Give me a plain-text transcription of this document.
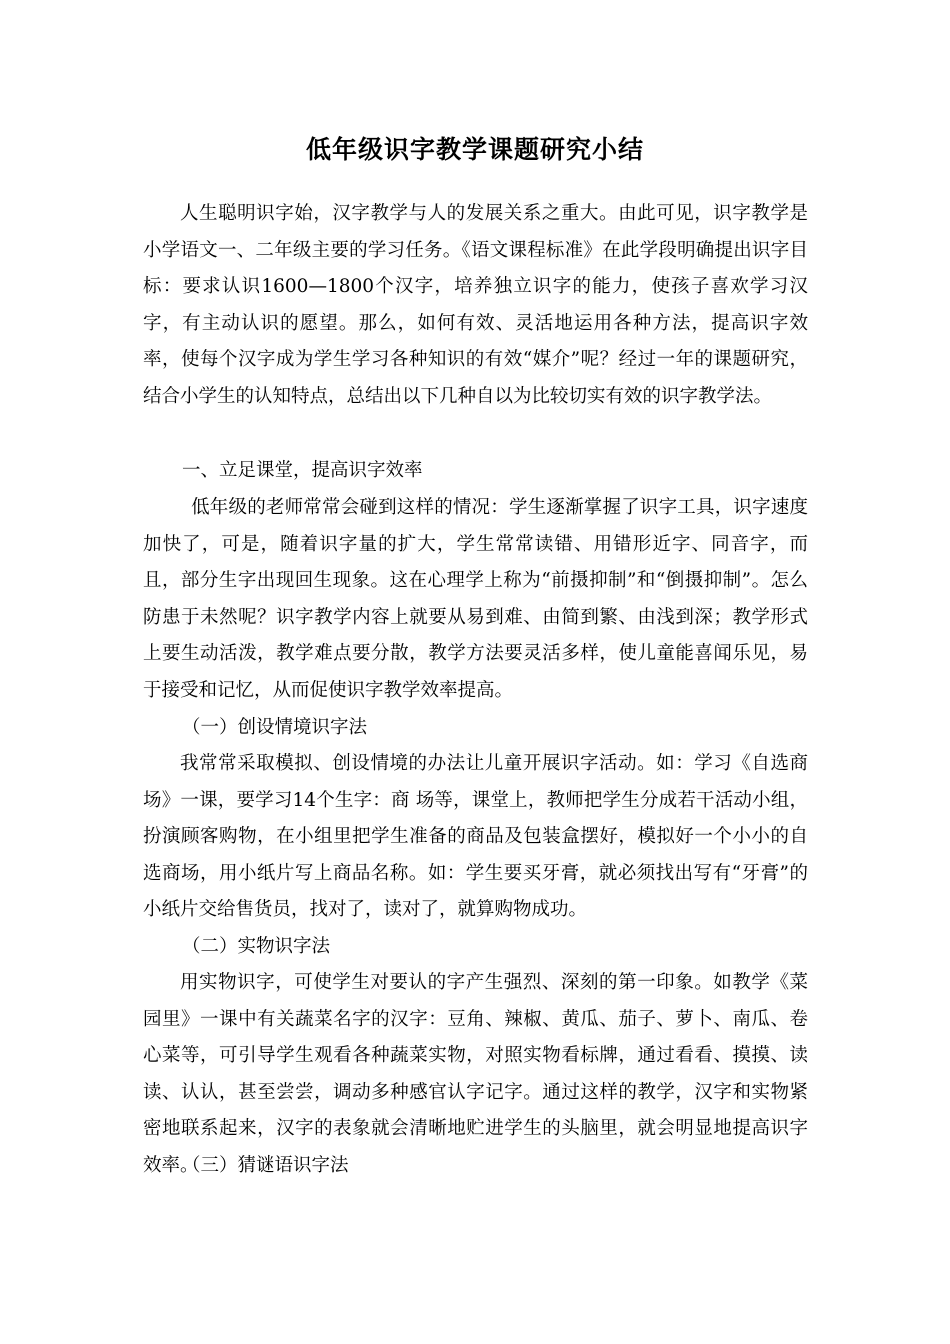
低年级识字教学课题研究小结

人生聪明识字始，汉字教学与人的发展关系之重大。由此可见，识字教学是小学语文一、二年级主要的学习任务。《语文课程标准》在此学段明确提出识字目标：要求认识1600—1800个汉字，培养独立识字的能力，使孩子喜欢学习汉字，有主动认识的愿望。那么，如何有效、灵活地运用各种方法，提高识字效率，使每个汉字成为学生学习各种知识的有效“媒介”呢？经过一年的课题研究，结合小学生的认知特点，总结出以下几种自以为比较切实有效的识字教学法。

一、立足课堂，提高识字效率

低年级的老师常常会碰到这样的情况：学生逐渐掌握了识字工具，识字速度加快了，可是，随着识字量的扩大，学生常常读错、用错形近字、同音字，而且，部分生字出现回生现象。这在心理学上称为“前摄抑制”和“倒摄抑制”。怎么防患于未然呢？识字教学内容上就要从易到难、由简到繁、由浅到深；教学形式上要生动活泼，教学难点要分散，教学方法要灵活多样，使儿童能喜闻乐见，易于接受和记忆，从而促使识字教学效率提高。

（一）创设情境识字法

我常常采取模拟、创设情境的办法让儿童开展识字活动。如：学习《自选商场》一课，要学习14个生字：商 场等，课堂上，教师把学生分成若干活动小组，扮演顾客购物，在小组里把学生准备的商品及包装盒摆好，模拟好一个小小的自选商场，用小纸片写上商品名称。如：学生要买牙膏，就必须找出写有“牙膏”的小纸片交给售货员，找对了，读对了，就算购物成功。

（二）实物识字法

用实物识字，可使学生对要认的字产生强烈、深刻的第一印象。如教学《菜园里》一课中有关蔬菜名字的汉字：豆角、辣椒、黄瓜、茄子、萝卜、南瓜、卷心菜等，可引导学生观看各种蔬菜实物，对照实物看标牌，通过看看、摸摸、读读、认认，甚至尝尝，调动多种感官认字记字。通过这样的教学，汉字和实物紧密地联系起来，汉字的表象就会清晰地贮进学生的头脑里，就会明显地提高识字效率。

（三）猜谜语识字法
